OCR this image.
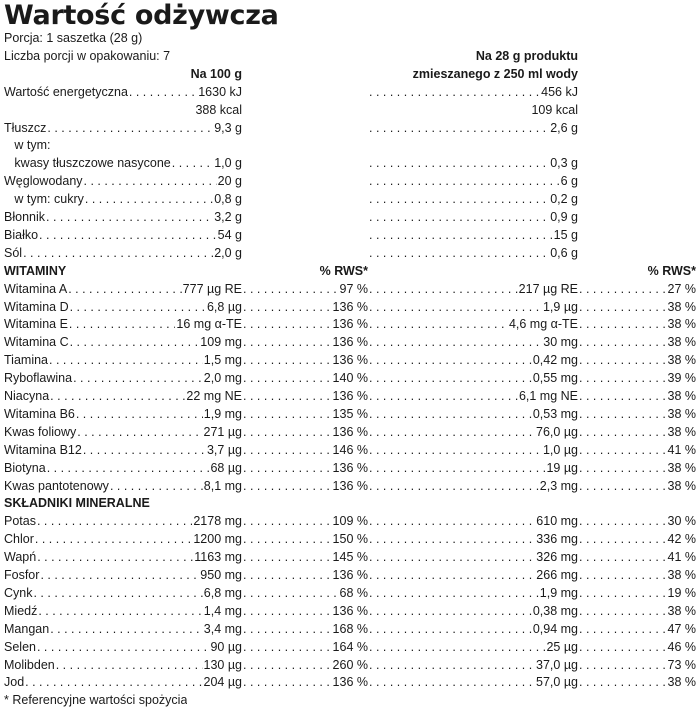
Wartość odżywcza
Porcja: 1 saszetka (28 g)
Liczba porcji w opakowaniu: 7	Na 28 g produktu
Na 100 g	zmieszanego z 250 ml wody
Wartość energetyczna . . .	1630 kJ . . .	456 kJ
388 kcal	109 kcal
Tłuszcz . . .	9,3 g . . .	2,6 g
w tym:
kwasy tłuszczowe nasycone . . .	1,0 g . . .	0,3 g
Węglowodany . . .	20 g . . .	6 g
w tym: cukry . . .	0,8 g . . .	0,2 g
Błonnik . . .	3,2 g . . .	0,9 g
Białko . . .	54 g . . .	15 g
Sól . . .	2,0 g . . .	0,6 g
WITAMINY	% RWS*	% RWS*
Witamina A . . .	777 µg RE . . .	97 % . . .	217 µg RE . . .	27 %
Witamina D . . .	6,8 µg . . .	136 % . . .	1,9 µg . . .	38 %
Witamina E . . .	16 mg α-TE . . .	136 % . . .	4,6 mg α-TE . . .	38 %
Witamina C . . .	109 mg . . .	136 % . . .	30 mg . . .	38 %
Tiamina . . .	1,5 mg . . .	136 % . . .	0,42 mg . . .	38 %
Ryboflawina . . .	2,0 mg . . .	140 % . . .	0,55 mg . . .	39 %
Niacyna . . .	22 mg NE . . .	136 % . . .	6,1 mg NE . . .	38 %
Witamina B6 . . .	1,9 mg . . .	135 % . . .	0,53 mg . . .	38 %
Kwas foliowy . . .	271 µg . . .	136 % . . .	76,0 µg . . .	38 %
Witamina B12 . . .	3,7 µg . . .	146 % . . .	1,0 µg . . .	41 %
Biotyna . . .	68 µg . . .	136 % . . .	19 µg . . .	38 %
Kwas pantotenowy . . .	8,1 mg . . .	136 % . . .	2,3 mg . . .	38 %
SKŁADNIKI MINERALNE
Potas . . .	2178 mg . . .	109 % . . .	610 mg . . .	30 %
Chlor . . .	1200 mg . . .	150 % . . .	336 mg . . .	42 %
Wapń . . .	1163 mg . . .	145 % . . .	326 mg . . .	41 %
Fosfor . . .	950 mg . . .	136 % . . .	266 mg . . .	38 %
Cynk . . .	6,8 mg . . .	68 % . . .	1,9 mg . . .	19 %
Miedź . . .	1,4 mg . . .	136 % . . .	0,38 mg . . .	38 %
Mangan . . .	3,4 mg . . .	168 % . . .	0,94 mg . . .	47 %
Selen . . .	90 µg . . .	164 % . . .	25 µg . . .	46 %
Molibden . . .	130 µg . . .	260 % . . .	37,0 µg . . .	73 %
Jod . . .	204 µg . . .	136 % . . .	57,0 µg . . .	38 %
* Referencyjne wartości spożycia
